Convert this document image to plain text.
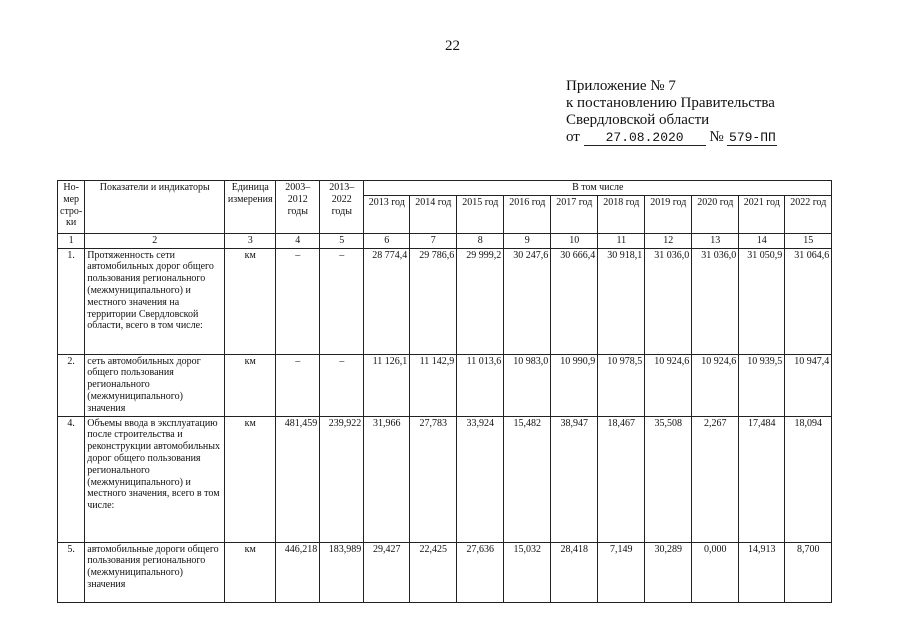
22
Приложение № 7
к постановлению Правительства
Свердловской области
от 27.08.2020 № 579-ПП
Но-мер стро-ки	Показатели и индикаторы	Единица измерения	2003–2012 годы	2013–2022 годы	В том числе									
					2013 год	2014 год	2015 год	2016 год	2017 год	2018 год	2019 год	2020 год	2021 год	2022 год
1	2	3	4	5	6	7	8	9	10	11	12	13	14	15
1.	Протяженность сети автомобильных дорог общего пользования регионального (межмуниципального) и местного значения на территории Свердловской области, всего в том числе:	км	–	–	28 774,4	29 786,6	29 999,2	30 247,6	30 666,4	30 918,1	31 036,0	31 036,0	31 050,9	31 064,6
2.	сеть автомобильных дорог общего пользования регионального (межмуниципального) значения	км	–	–	11 126,1	11 142,9	11 013,6	10 983,0	10 990,9	10 978,5	10 924,6	10 924,6	10 939,5	10 947,4
4.	Объемы ввода в эксплуатацию после строительства и реконструкции автомобильных дорог общего пользования регионального (межмуниципального) и местного значения, всего в том числе:	км	481,459	239,922	31,966	27,783	33,924	15,482	38,947	18,467	35,508	2,267	17,484	18,094
5.	автомобильные дороги общего пользования регионального (межмуниципального) значения	км	446,218	183,989	29,427	22,425	27,636	15,032	28,418	7,149	30,289	0,000	14,913	8,700
